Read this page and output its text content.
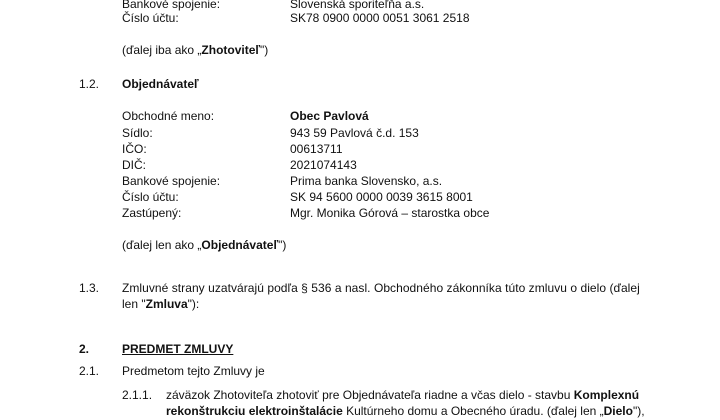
Bankové spojenie:	Slovenská sporiteľňa a.s.
Číslo účtu:	SK78 0900 0000 0051 3061 2518
(ďalej iba ako „Zhotoviteľ")
1.2. Objednávateľ
Obchodné meno:	Obec Pavlová
Sídlo:	943 59 Pavlová č.d. 153
IČO:	00613711
DIČ:	2021074143
Bankové spojenie:	Prima banka Slovensko, a.s.
Číslo účtu:	SK 94 5600 0000 0039 3615 8001
Zastúpený:	Mgr. Monika Górová – starostka obce
(ďalej len ako „Objednávateľ")
1.3. Zmluvné strany uzatvárajú podľa § 536 a nasl. Obchodného zákonníka túto zmluvu o dielo (ďalej
len "Zmluva"):
2.	PREDMET ZMLUVY
2.1. Predmetom tejto Zmluvy je
2.1.1. záväzok Zhotoviteľa zhotoviť pre Objednávateľa riadne a včas dielo - stavbu Komplexnú
rekonštrukciu elektroinštalácie Kultúrneho domu a Obecného úradu. (ďalej len „Dielo"),
